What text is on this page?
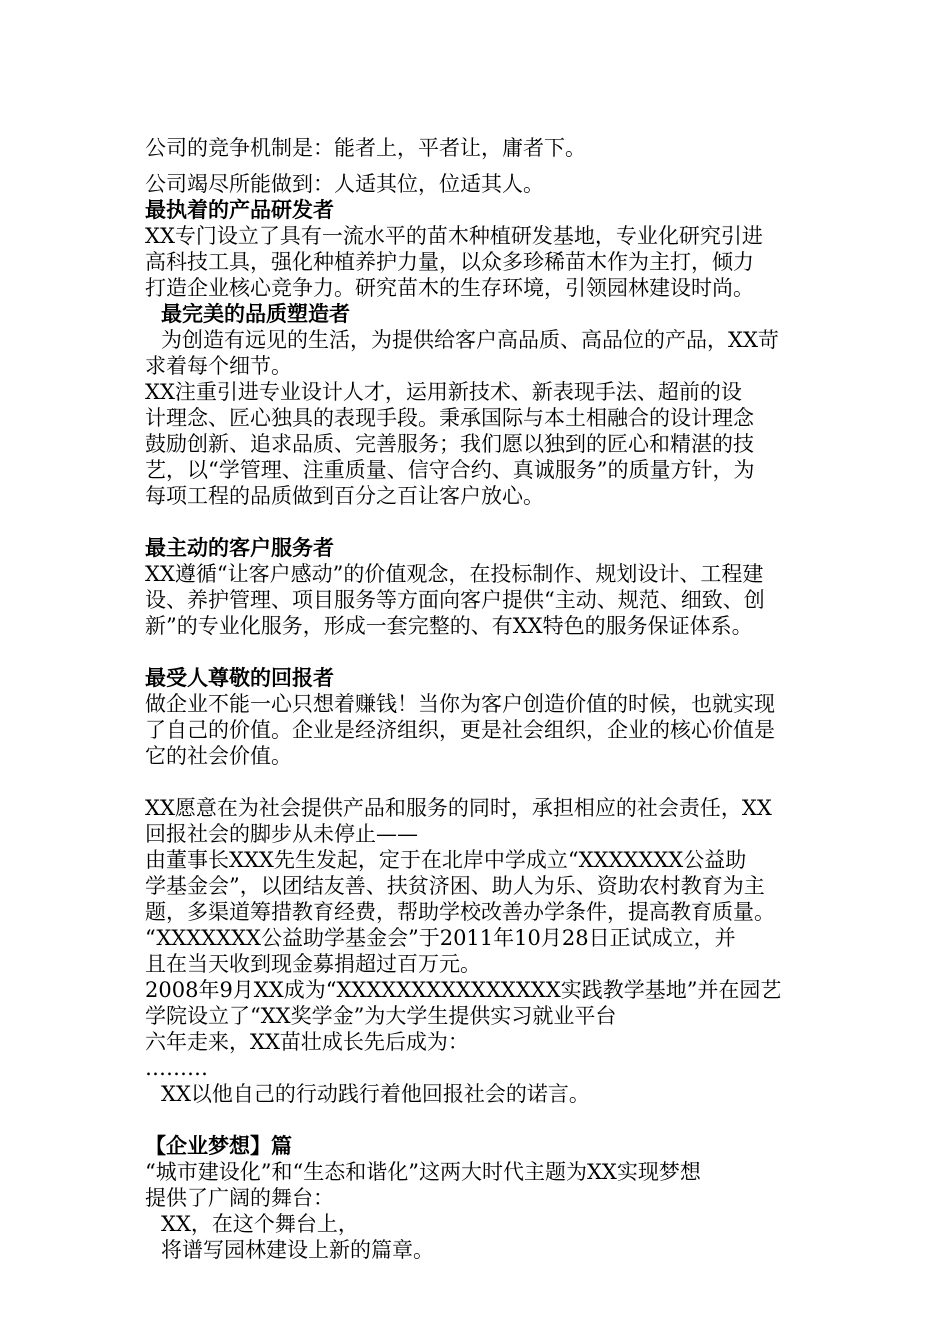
公司的竞争机制是：能者上，平者让，庸者下。
公司竭尽所能做到：人适其位，位适其人。
最执着的产品研发者
XX专门设立了具有一流水平的苗木种植研发基地，专业化研究引进
高科技工具，强化种植养护力量，以众多珍稀苗木作为主打，倾力
打造企业核心竞争力。研究苗木的生存环境，引领园林建设时尚。
最完美的品质塑造者
为创造有远见的生活，为提供给客户高品质、高品位的产品，XX苛
求着每个细节。
XX注重引进专业设计人才，运用新技术、新表现手法、超前的设
计理念、匠心独具的表现手段。秉承国际与本土相融合的设计理念
鼓励创新、追求品质、完善服务；我们愿以独到的匠心和精湛的技
艺，以“学管理、注重质量、信守合约、真诚服务”的质量方针，为
每项工程的品质做到百分之百让客户放心。
最主动的客户服务者
XX遵循“让客户感动”的价值观念，在投标制作、规划设计、工程建
设、养护管理、项目服务等方面向客户提供“主动、规范、细致、创
新”的专业化服务，形成一套完整的、有XX特色的服务保证体系。
最受人尊敬的回报者
做企业不能一心只想着赚钱！当你为客户创造价值的时候，也就实现
了自己的价值。企业是经济组织，更是社会组织，企业的核心价值是
它的社会价值。
XX愿意在为社会提供产品和服务的同时，承担相应的社会责任，XX
回报社会的脚步从未停止——
由董事长XXX先生发起，定于在北岸中学成立“XXXXXXX公益助
学基金会”，以团结友善、扶贫济困、助人为乐、资助农村教育为主
题，多渠道筹措教育经费，帮助学校改善办学条件，提高教育质量。
“XXXXXXX公益助学基金会”于2011年10月28日正试成立，并
且在当天收到现金募捐超过百万元。
2008年9月XX成为“XXXXXXXXXXXXXXX实践教学基地”并在园艺
学院设立了“XX奖学金”为大学生提供实习就业平台
六年走来，XX苗壮成长先后成为：
………
XX以他自己的行动践行着他回报社会的诺言。
【企业梦想】篇
“城市建设化”和“生态和谐化”这两大时代主题为XX实现梦想
提供了广阔的舞台：
XX，在这个舞台上，
将谱写园林建设上新的篇章。
